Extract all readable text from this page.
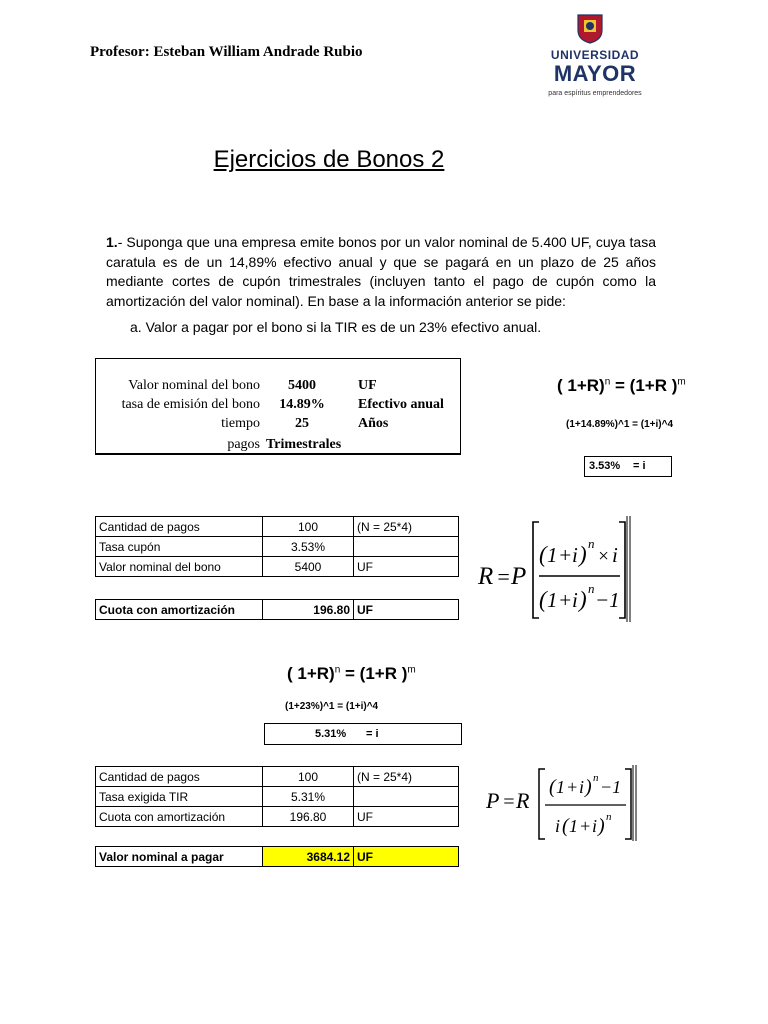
Profesor: Esteban William Andrade Rubio	UNIVERSIDAD
MAYOR
para espíritus emprendedores
Ejercicios de Bonos 2
1.- Suponga que una empresa emite bonos por un valor nominal de 5.400 UF, cuya tasa caratula es de un 14,89% efectivo anual y que se pagará en un plazo de 25 años mediante cortes de cupón trimestrales (incluyen tanto el pago de cupón como la amortización del valor nominal). En base a la información anterior se pide:
a. Valor a pagar por el bono si la TIR es de un 23% efectivo anual.
Valor nominal del bono	5400	UF
tasa de emisión del bono	14.89%	Efectivo anual
tiempo	25	Años
pagos Trimestrales
( 1+R)$^n$ = (1+R )$^m$
(1+14.89%)^1 = (1+i)^4
3.53% = i
Cantidad de pagos	100	(N = 25*4)
Tasa cupón	3.53%	
Valor nominal del bono	5400	UF
Cuota con amortización	196.80	UF
R = P
( 1 + i ) n
× i
( 1 + i ) n −1
( 1+R)$^n$ = (1+R )$^m$
(1+23%)^1 = (1+i)^4
5.31% = i
Cantidad de pagos	100	(N = 25*4)
Tasa exigida TIR	5.31%	
Cuota con amortización	196.80	UF
Valor nominal a pagar	3684.12	UF
P = R
( 1 + i ) n −1
i ( 1 + i ) n
